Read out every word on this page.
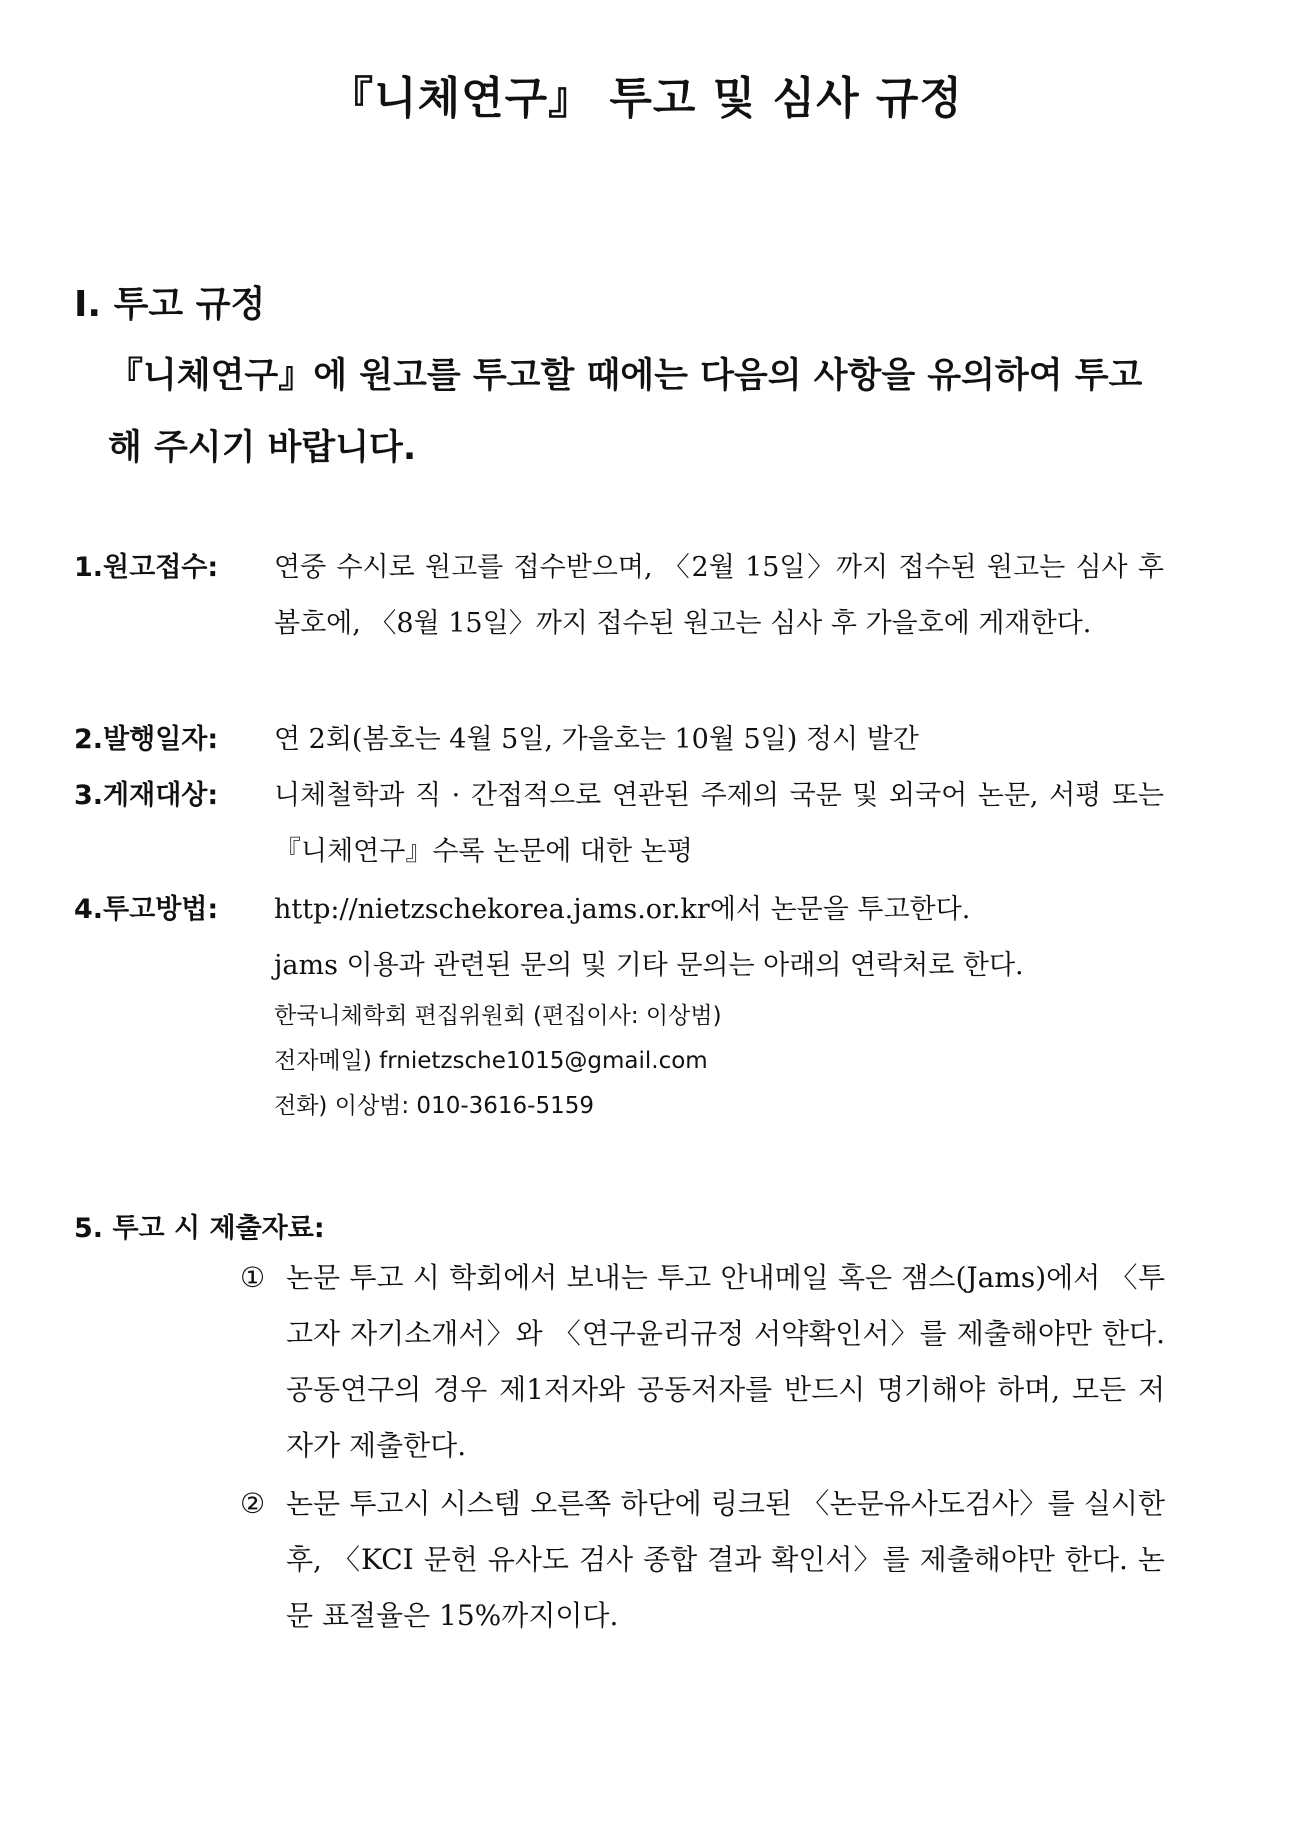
『니체연구』 투고 및 심사 규정
I. 투고 규정

『니체연구』에 원고를 투고할 때에는 다음의 사항을 유의하여 투고해 주시기 바랍니다.

1.원고접수: 연중 수시로 원고를 접수받으며, 〈2월 15일〉까지 접수된 원고는 심사 후 봄호에, 〈8월 15일〉까지 접수된 원고는 심사 후 가을호에 게재한다.

2.발행일자: 연 2회(봄호는 4월 5일, 가을호는 10월 5일) 정시 발간

3.게재대상: 니체철학과 직 · 간접적으로 연관된 주제의 국문 및 외국어 논문, 서평 또는 『니체연구』수록 논문에 대한 논평

4.투고방법: http://nietzschekorea.jams.or.kr에서 논문을 투고한다.

jams 이용과 관련된 문의 및 기타 문의는 아래의 연락처로 한다.

한국니체학회 편집위원회 (편집이사: 이상범)

전자메일) frnietzsche1015@gmail.com

전화) 이상범: 010-3616-5159

5. 투고 시 제출자료:
① 논문 투고 시 학회에서 보내는 투고 안내메일 혹은 잼스(Jams)에서 〈투고자 자기소개서〉와 〈연구윤리규정 서약확인서〉를 제출해야만 한다. 공동연구의 경우 제1저자와 공동저자를 반드시 명기해야 하며, 모든 저자가 제출한다.
② 논문 투고시 시스템 오른쪽 하단에 링크된 〈논문유사도검사〉를 실시한 후, 〈KCI 문헌 유사도 검사 종합 결과 확인서〉를 제출해야만 한다. 논문 표절율은 15%까지이다.
